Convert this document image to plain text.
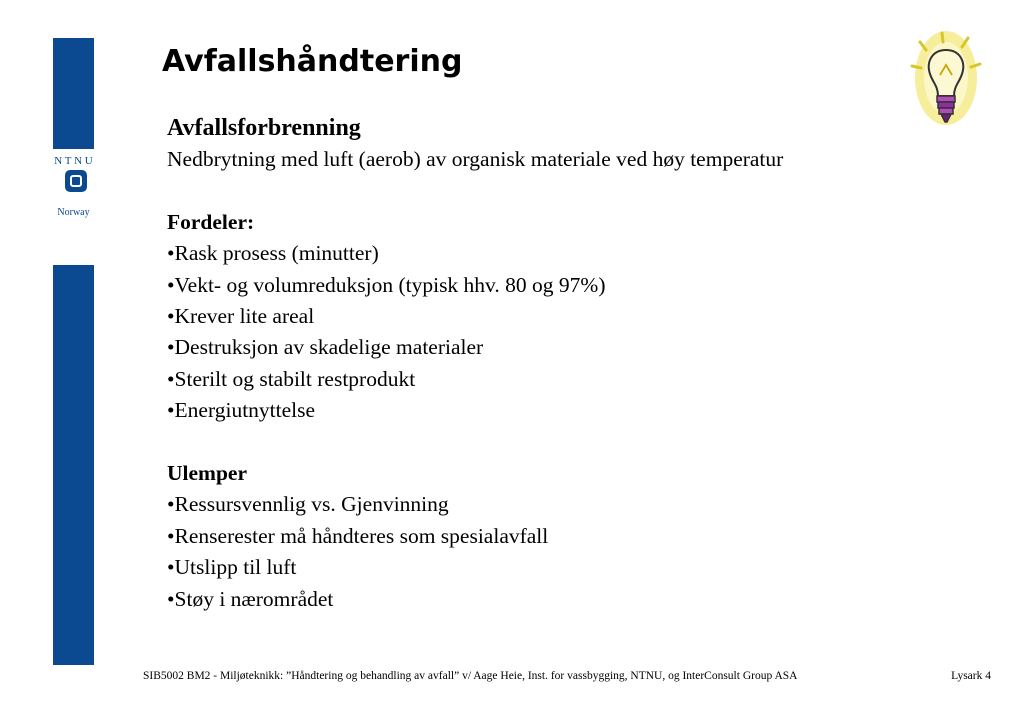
N T N U
Norway
Avfallshåndtering

Avfallsforbrenning

Nedbrytning med luft (aerob) av organisk materiale ved høy temperatur

Fordeler:

•Rask prosess (minutter)

•Vekt- og volumreduksjon (typisk hhv. 80 og 97%)

•Krever lite areal

•Destruksjon av skadelige materialer

•Sterilt og stabilt restprodukt

•Energiutnyttelse

Ulemper

•Ressursvennlig vs. Gjenvinning

•Renserester må håndteres som spesialavfall

•Utslipp til luft

•Støy i nærområdet

SIB5002 BM2 - Miljøteknikk: ”Håndtering og behandling av avfall” v/ Aage Heie, Inst. for vassbygging, NTNU, og InterConsult Group ASA	Lysark 4
